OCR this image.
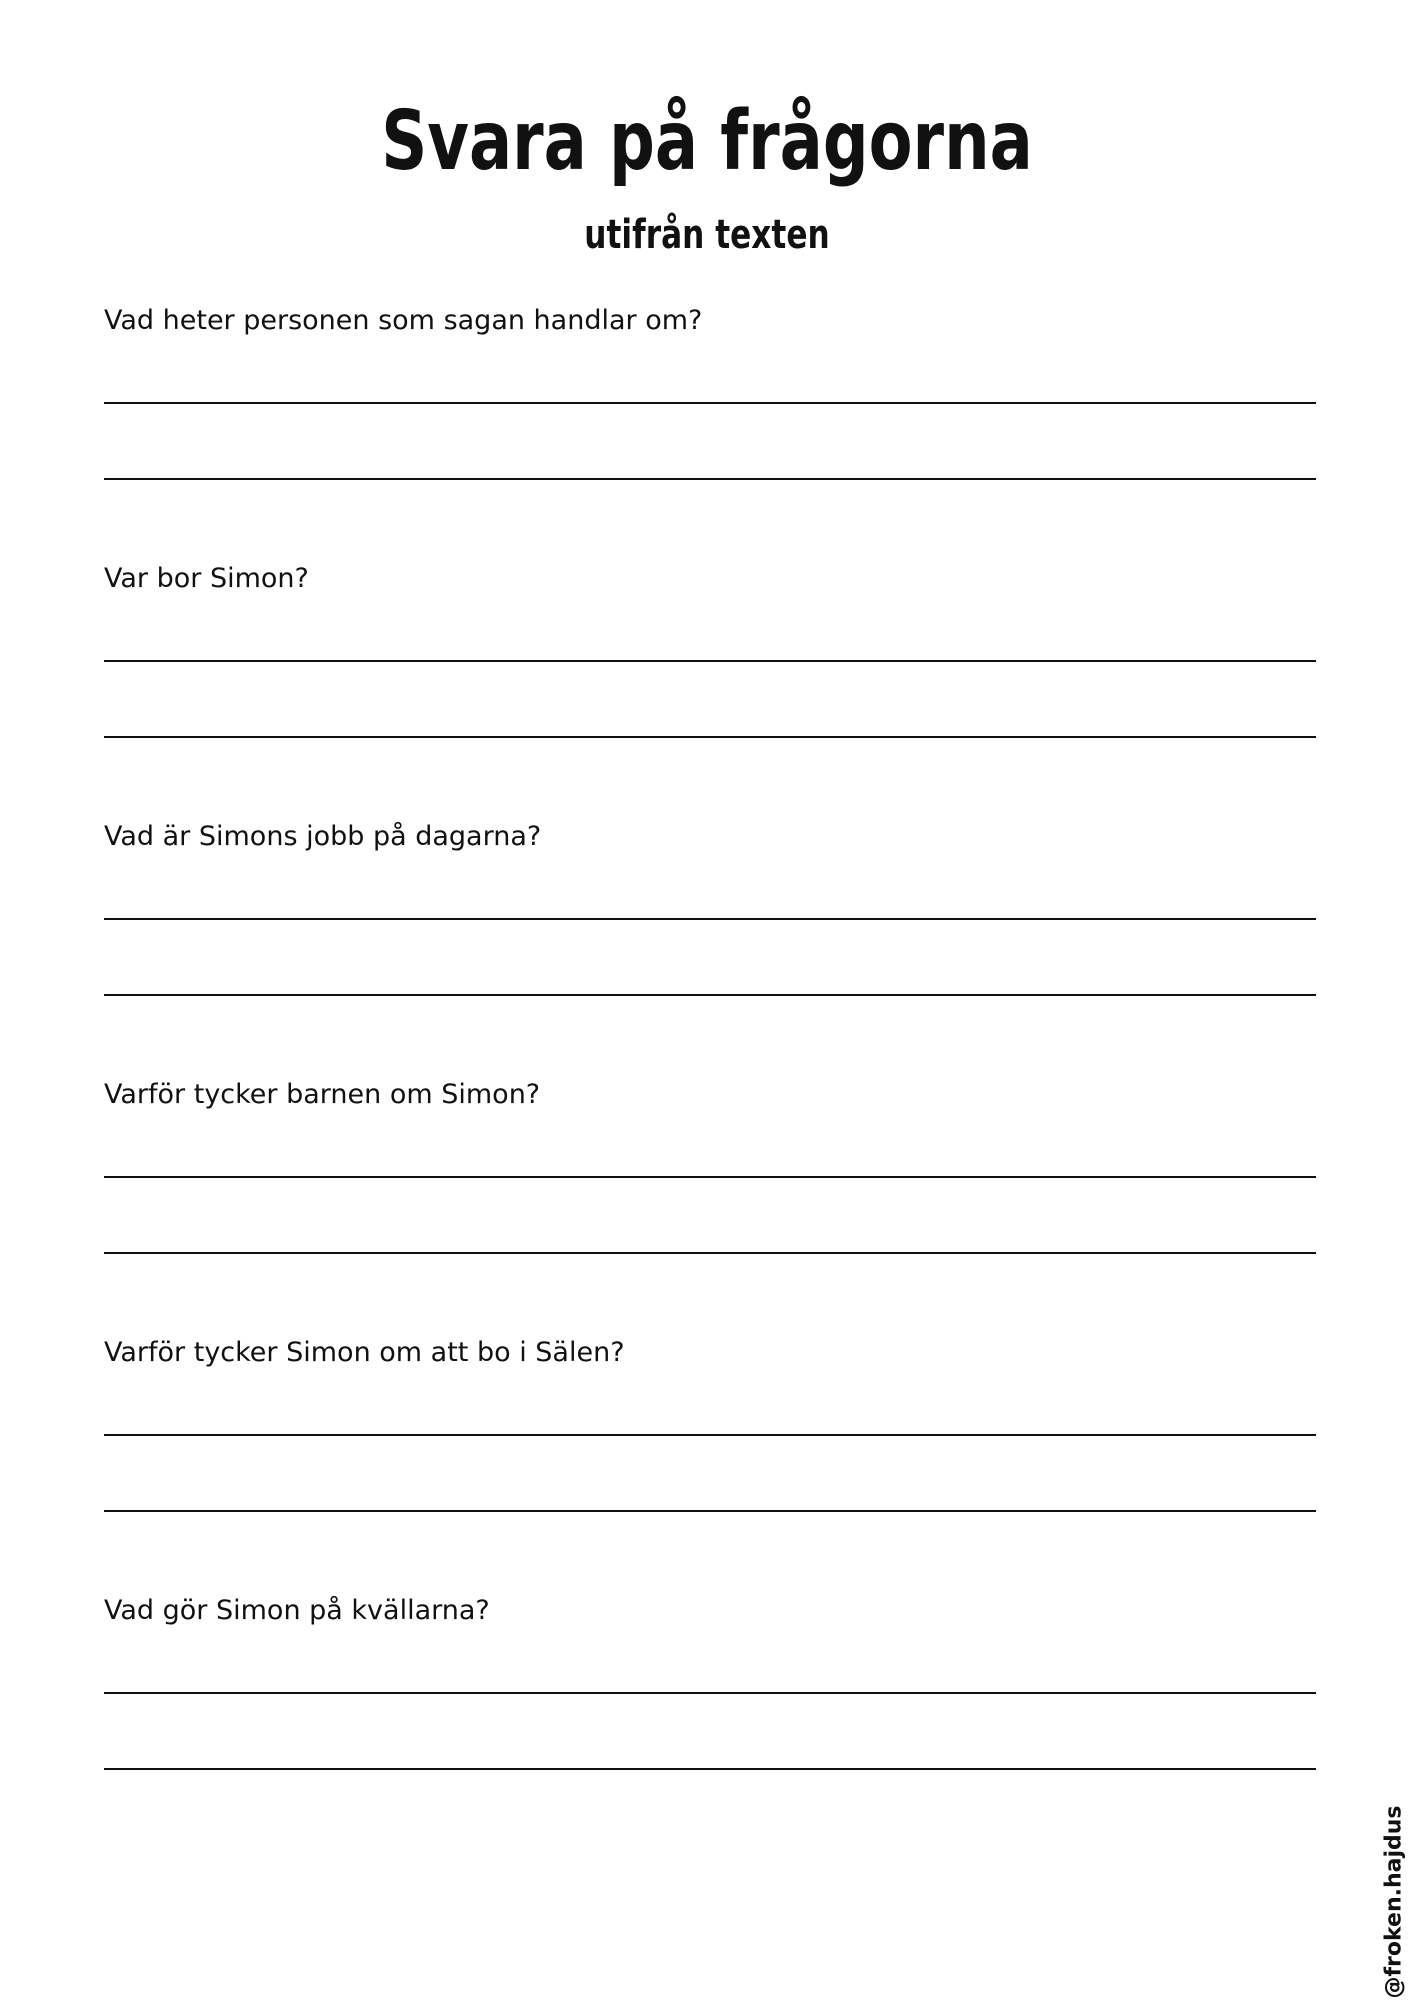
Svara på frågorna
utifrån texten
Vad heter personen som sagan handlar om?
Var bor Simon?
Vad är Simons jobb på dagarna?
Varför tycker barnen om Simon?
Varför tycker Simon om att bo i Sälen?
Vad gör Simon på kvällarna?
@froken.hajdus
